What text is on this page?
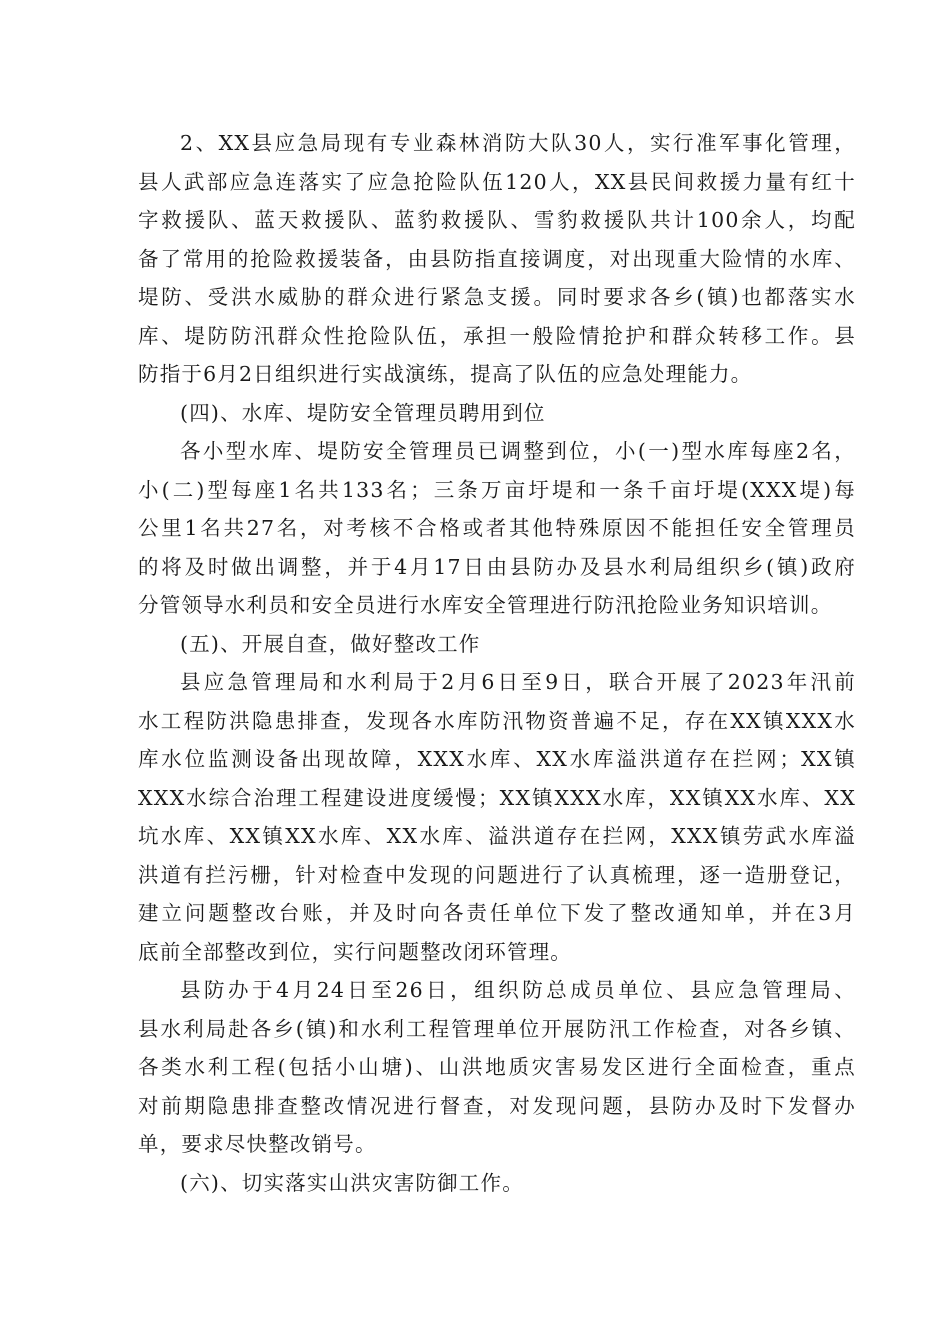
2、XX县应急局现有专业森林消防大队30人，实行准军事化管理，
县人武部应急连落实了应急抢险队伍120人，XX县民间救援力量有红十
字救援队、蓝天救援队、蓝豹救援队、雪豹救援队共计100余人，均配
备了常用的抢险救援装备，由县防指直接调度，对出现重大险情的水库、
堤防、受洪水威胁的群众进行紧急支援。同时要求各乡(镇)也都落实水
库、堤防防汛群众性抢险队伍，承担一般险情抢护和群众转移工作。县
防指于6月2日组织进行实战演练，提高了队伍的应急处理能力。
(四)、水库、堤防安全管理员聘用到位
各小型水库、堤防安全管理员已调整到位，小(一)型水库每座2名，
小(二)型每座1名共133名；三条万亩圩堤和一条千亩圩堤(XXX堤)每
公里1名共27名，对考核不合格或者其他特殊原因不能担任安全管理员
的将及时做出调整，并于4月17日由县防办及县水利局组织乡(镇)政府
分管领导水利员和安全员进行水库安全管理进行防汛抢险业务知识培训。
(五)、开展自查，做好整改工作
县应急管理局和水利局于2月6日至9日，联合开展了2023年汛前
水工程防洪隐患排查，发现各水库防汛物资普遍不足，存在XX镇XXX水
库水位监测设备出现故障，XXX水库、XX水库溢洪道存在拦网；XX镇
XXX水综合治理工程建设进度缓慢；XX镇XXX水库，XX镇XX水库、XX
坑水库、XX镇XX水库、XX水库、溢洪道存在拦网，XXX镇劳武水库溢
洪道有拦污栅，针对检查中发现的问题进行了认真梳理，逐一造册登记，
建立问题整改台账，并及时向各责任单位下发了整改通知单，并在3月
底前全部整改到位，实行问题整改闭环管理。
县防办于4月24日至26日，组织防总成员单位、县应急管理局、
县水利局赴各乡(镇)和水利工程管理单位开展防汛工作检查，对各乡镇、
各类水利工程(包括小山塘)、山洪地质灾害易发区进行全面检查，重点
对前期隐患排查整改情况进行督查，对发现问题，县防办及时下发督办
单，要求尽快整改销号。
(六)、切实落实山洪灾害防御工作。
